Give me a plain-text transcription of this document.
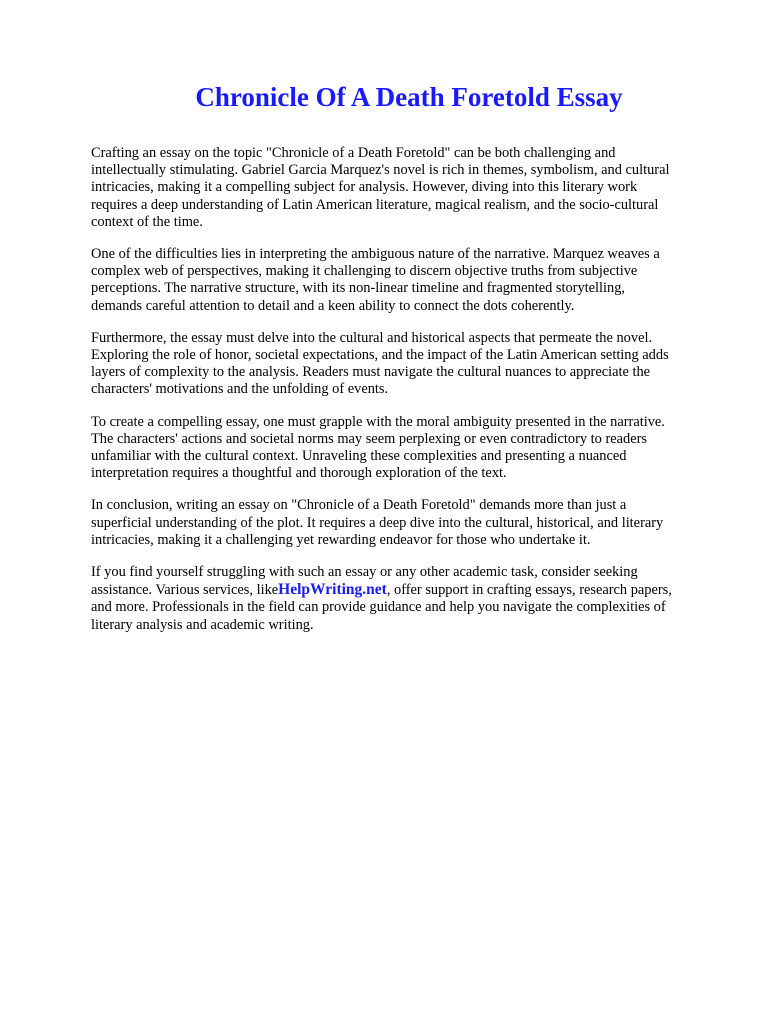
Chronicle Of A Death Foretold Essay

Crafting an essay on the topic "Chronicle of a Death Foretold" can be both challenging and
intellectually stimulating. Gabriel Garcia Marquez's novel is rich in themes, symbolism, and cultural
intricacies, making it a compelling subject for analysis. However, diving into this literary work
requires a deep understanding of Latin American literature, magical realism, and the socio-cultural
context of the time.

One of the difficulties lies in interpreting the ambiguous nature of the narrative. Marquez weaves a
complex web of perspectives, making it challenging to discern objective truths from subjective
perceptions. The narrative structure, with its non-linear timeline and fragmented storytelling,
demands careful attention to detail and a keen ability to connect the dots coherently.

Furthermore, the essay must delve into the cultural and historical aspects that permeate the novel.
Exploring the role of honor, societal expectations, and the impact of the Latin American setting adds
layers of complexity to the analysis. Readers must navigate the cultural nuances to appreciate the
characters' motivations and the unfolding of events.

To create a compelling essay, one must grapple with the moral ambiguity presented in the narrative.
The characters' actions and societal norms may seem perplexing or even contradictory to readers
unfamiliar with the cultural context. Unraveling these complexities and presenting a nuanced
interpretation requires a thoughtful and thorough exploration of the text.

In conclusion, writing an essay on "Chronicle of a Death Foretold" demands more than just a
superficial understanding of the plot. It requires a deep dive into the cultural, historical, and literary
intricacies, making it a challenging yet rewarding endeavor for those who undertake it.

If you find yourself struggling with such an essay or any other academic task, consider seeking
assistance. Various services, likeHelpWriting.net, offer support in crafting essays, research papers,
and more. Professionals in the field can provide guidance and help you navigate the complexities of
literary analysis and academic writing.
